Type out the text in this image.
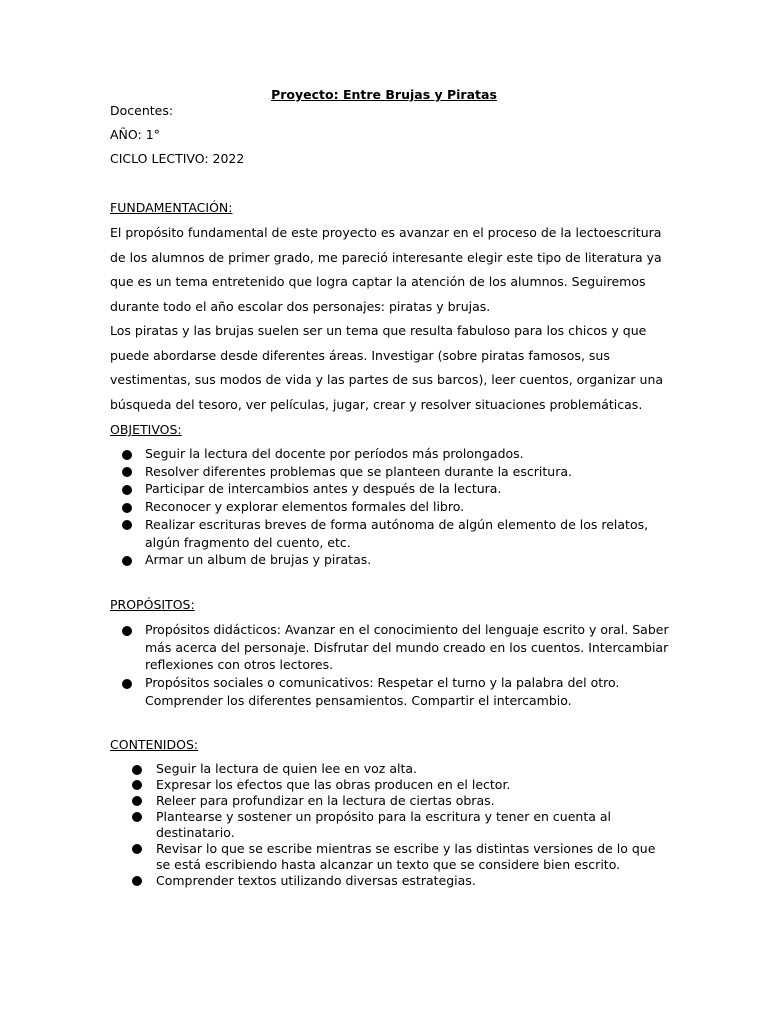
Proyecto: Entre Brujas y Piratas
Docentes:
AÑO: 1°
CICLO LECTIVO: 2022
FUNDAMENTACIÓN:
El propósito fundamental de este proyecto es avanzar en el proceso de la lectoescritura de los alumnos de primer grado, me pareció interesante elegir este tipo de literatura ya que es un tema entretenido que logra captar la atención de los alumnos. Seguiremos durante todo el año escolar dos personajes: piratas y brujas.
Los piratas y las brujas suelen ser un tema que resulta fabuloso para los chicos y que puede abordarse desde diferentes áreas. Investigar (sobre piratas famosos, sus vestimentas, sus modos de vida y las partes de sus barcos), leer cuentos, organizar una búsqueda del tesoro, ver películas, jugar, crear y resolver situaciones problemáticas.
OBJETIVOS:
Seguir la lectura del docente por períodos más prolongados.
Resolver diferentes problemas que se planteen durante la escritura.
Participar de intercambios antes y después de la lectura.
Reconocer y explorar elementos formales del libro.
Realizar escrituras breves de forma autónoma de algún elemento de los relatos, algún fragmento del cuento, etc.
Armar un album de brujas y piratas.
PROPÓSITOS:
Propósitos didácticos: Avanzar en el conocimiento del lenguaje escrito y oral. Saber más acerca del personaje. Disfrutar del mundo creado en los cuentos. Intercambiar reflexiones con otros lectores.
Propósitos sociales o comunicativos: Respetar el turno y la palabra del otro. Comprender los diferentes pensamientos. Compartir el intercambio.
CONTENIDOS:
Seguir la lectura de quien lee en voz alta.
Expresar los efectos que las obras producen en el lector.
Releer para profundizar en la lectura de ciertas obras.
Plantearse y sostener un propósito para la escritura y tener en cuenta al destinatario.
Revisar lo que se escribe mientras se escribe y las distintas versiones de lo que se está escribiendo hasta alcanzar un texto que se considere bien escrito.
Comprender textos utilizando diversas estrategias.
